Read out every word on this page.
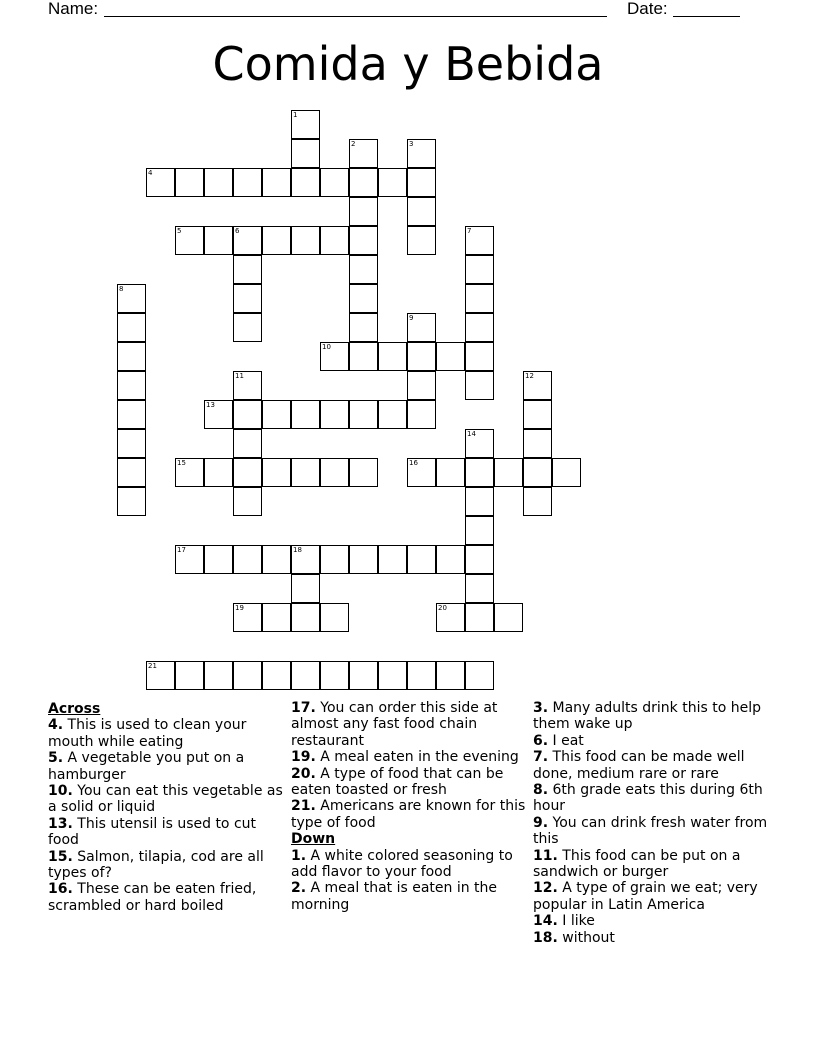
Name:	Date:
Comida y Bebida
1
2	3
4
5	6	7
8
9
10
11	12
13
14
15	16
17	18
19	20
21
Across
4. This is used to clean your mouth while eating
5. A vegetable you put on a hamburger
10. You can eat this vegetable as a solid or liquid
13. This utensil is used to cut food
15. Salmon, tilapia, cod are all types of?
16. These can be eaten fried, scrambled or hard boiled
17. You can order this side at almost any fast food chain restaurant
19. A meal eaten in the evening
20. A type of food that can be eaten toasted or fresh
21. Americans are known for this type of food
Down
1. A white colored seasoning to add flavor to your food
2. A meal that is eaten in the morning
3. Many adults drink this to help them wake up
6. I eat
7. This food can be made well done, medium rare or rare
8. 6th grade eats this during 6th hour
9. You can drink fresh water from this
11. This food can be put on a sandwich or burger
12. A type of grain we eat; very popular in Latin America
14. I like
18. without
